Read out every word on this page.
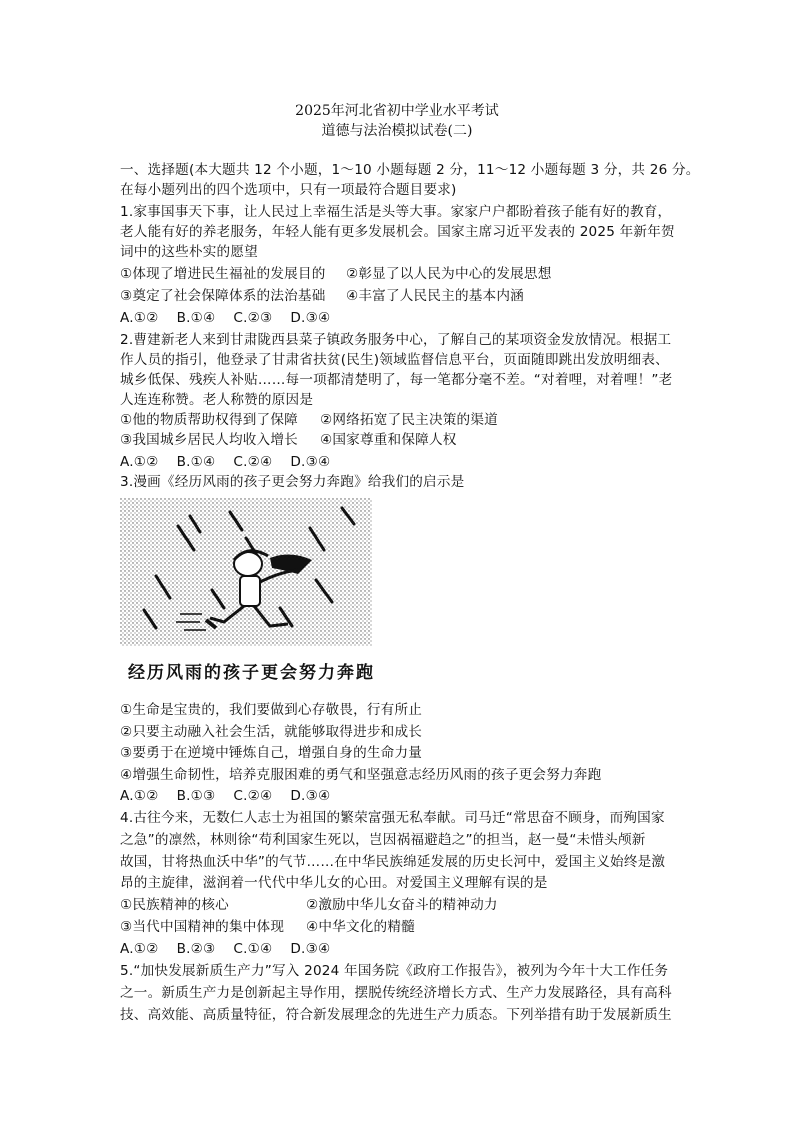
2025年河北省初中学业水平考试
道德与法治模拟试卷(二)
一、选择题(本大题共 12 个小题，1～10 小题每题 2 分，11～12 小题每题 3 分，共 26 分。
在每小题列出的四个选项中，只有一项最符合题目要求)
1.家事国事天下事，让人民过上幸福生活是头等大事。家家户户都盼着孩子能有好的教育，
老人能有好的养老服务，年轻人能有更多发展机会。国家主席习近平发表的 2025 年新年贺
词中的这些朴实的愿望
①体现了增进民生福祉的发展目的 ②彰显了以人民为中心的发展思想
③奠定了社会保障体系的法治基础 ④丰富了人民民主的基本内涵
A.①② B.①④ C.②③ D.③④
2.曹建新老人来到甘肃陇西县菜子镇政务服务中心，了解自己的某项资金发放情况。根据工
作人员的指引，他登录了甘肃省扶贫(民生)领域监督信息平台，页面随即跳出发放明细表、
城乡低保、残疾人补贴……每一项都清楚明了，每一笔都分毫不差。“对着哩，对着哩！”老
人连连称赞。老人称赞的原因是
①他的物质帮助权得到了保障 ②网络拓宽了民主决策的渠道
③我国城乡居民人均收入增长 ④国家尊重和保障人权
A.①② B.①④ C.②④ D.③④
3.漫画《经历风雨的孩子更会努力奔跑》给我们的启示是
经历风雨的孩子更会努力奔跑
①生命是宝贵的，我们要做到心存敬畏，行有所止
②只要主动融入社会生活，就能够取得进步和成长
③要勇于在逆境中锤炼自己，增强自身的生命力量
④增强生命韧性，培养克服困难的勇气和坚强意志经历风雨的孩子更会努力奔跑
A.①② B.①③ C.②④ D.③④
4.古往今来，无数仁人志士为祖国的繁荣富强无私奉献。司马迁“常思奋不顾身，而殉国家
之急”的凛然，林则徐“苟利国家生死以，岂因祸福避趋之”的担当，赵一曼“未惜头颅新
故国，甘将热血沃中华”的气节……在中华民族绵延发展的历史长河中，爱国主义始终是激
昂的主旋律，滋润着一代代中华儿女的心田。对爱国主义理解有误的是
①民族精神的核心	②激励中华儿女奋斗的精神动力
③当代中国精神的集中体现 ④中华文化的精髓
A.①② B.②③ C.①④ D.③④
5.“加快发展新质生产力”写入 2024 年国务院《政府工作报告》，被列为今年十大工作任务
之一。新质生产力是创新起主导作用，摆脱传统经济增长方式、生产力发展路径，具有高科
技、高效能、高质量特征，符合新发展理念的先进生产力质态。下列举措有助于发展新质生
